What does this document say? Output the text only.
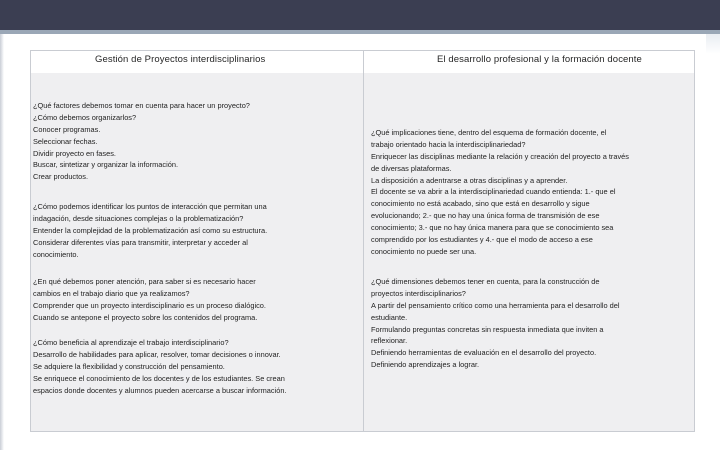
Gestión de Proyectos interdisciplinarios	El desarrollo profesional y la formación docente
¿Qué factores debemos tomar en cuenta para hacer un proyecto?
¿Cómo debemos organizarlos?
Conocer programas.
Seleccionar fechas.
Dividir proyecto en fases.
Buscar, sintetizar y organizar la información.
Crear productos.
¿Cómo podemos identificar los puntos de interacción que permitan una
indagación, desde situaciones complejas o la problematización?
Entender la complejidad de la problematización así como su estructura.
Considerar diferentes vías para transmitir, interpretar y acceder al
conocimiento.
¿En qué debemos poner atención, para saber si es necesario hacer
cambios en el trabajo diario que ya realizamos?
Comprender que un proyecto interdisciplinario es un proceso dialógico.
Cuando se antepone el proyecto sobre los contenidos del programa.
¿Cómo beneficia al aprendizaje el trabajo interdisciplinario?
Desarrollo de habilidades para aplicar, resolver, tomar decisiones o innovar.
Se adquiere la flexibilidad y construcción del pensamiento.
Se enriquece el conocimiento de los docentes y de los estudiantes. Se crean
espacios donde docentes y alumnos pueden acercarse a buscar información.
¿Qué implicaciones tiene, dentro del esquema de formación docente, el
trabajo orientado hacia la interdisciplinariedad?
Enriquecer las disciplinas mediante la relación y creación del proyecto a través
de diversas plataformas.
La disposición a adentrarse a otras disciplinas y a aprender.
El docente se va abrir a la interdisciplinariedad cuando entienda: 1.- que el
conocimiento no está acabado, sino que está en desarrollo y sigue
evolucionando; 2.- que no hay una única forma de transmisión de ese
conocimiento; 3.- que no hay única manera para que se conocimiento sea
comprendido por los estudiantes y 4.- que el modo de acceso a ese
conocimiento no puede ser una.
¿Qué dimensiones debemos tener en cuenta, para la construcción de
proyectos interdisciplinarios?
A partir del pensamiento crítico como una herramienta para el desarrollo del
estudiante.
Formulando preguntas concretas sin respuesta inmediata que inviten a
reflexionar.
Definiendo herramientas de evaluación en el desarrollo del proyecto.
Definiendo aprendizajes a lograr.
